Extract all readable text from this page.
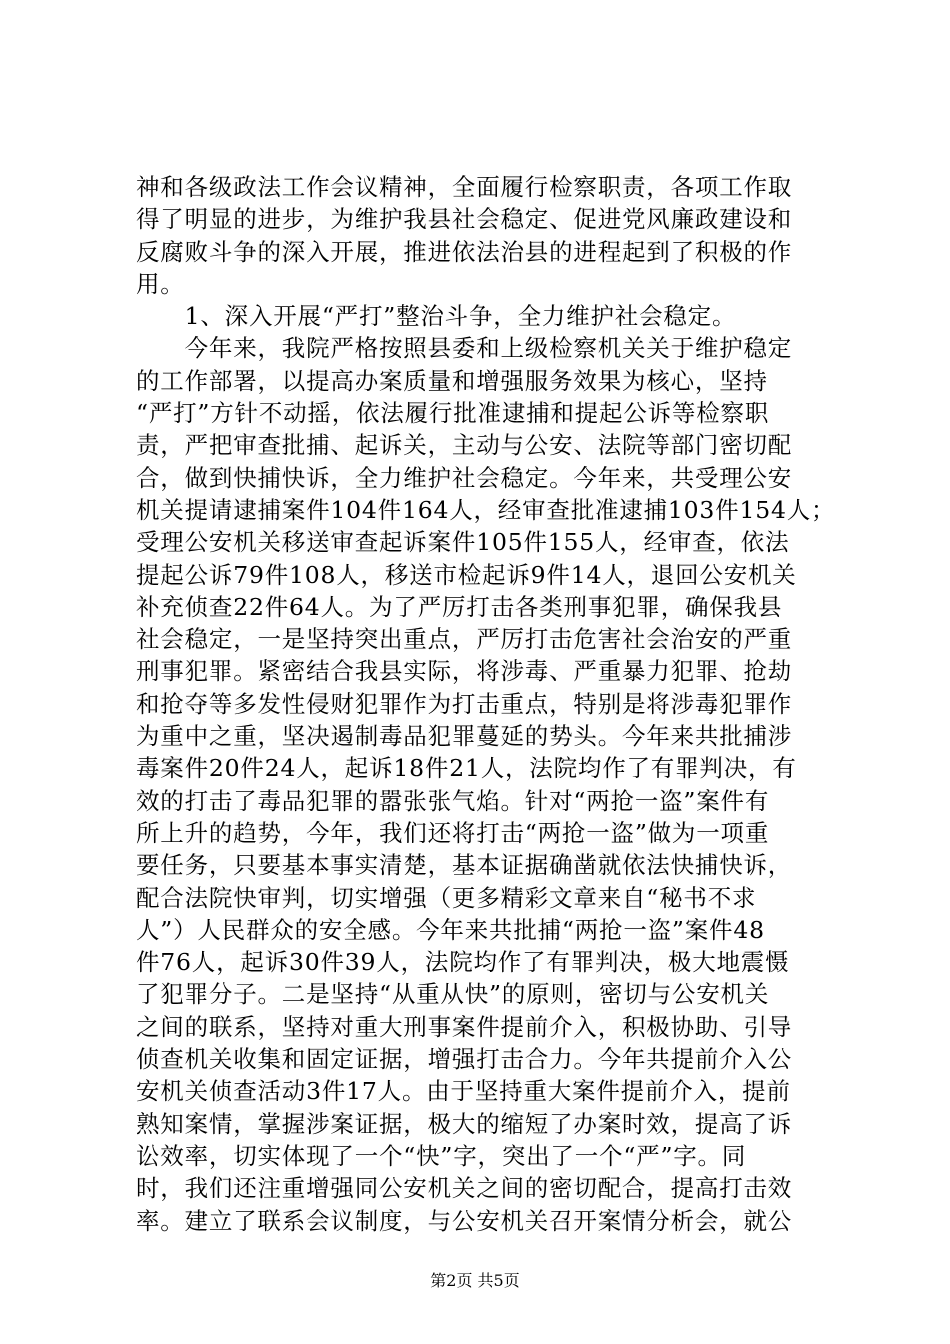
神和各级政法工作会议精神，全面履行检察职责，各项工作取
得了明显的进步，为维护我县社会稳定、促进党风廉政建设和
反腐败斗争的深入开展，推进依法治县的进程起到了积极的作
用。
　　1、深入开展“严打”整治斗争，全力维护社会稳定。
　　今年来，我院严格按照县委和上级检察机关关于维护稳定
的工作部署，以提高办案质量和增强服务效果为核心，坚持
“严打”方针不动摇，依法履行批准逮捕和提起公诉等检察职
责，严把审查批捕、起诉关，主动与公安、法院等部门密切配
合，做到快捕快诉，全力维护社会稳定。今年来，共受理公安
机关提请逮捕案件104件164人，经审查批准逮捕103件154人；
受理公安机关移送审查起诉案件105件155人，经审查，依法
提起公诉79件108人，移送市检起诉9件14人，退回公安机关
补充侦查22件64人。为了严厉打击各类刑事犯罪，确保我县
社会稳定，一是坚持突出重点，严厉打击危害社会治安的严重
刑事犯罪。紧密结合我县实际，将涉毒、严重暴力犯罪、抢劫
和抢夺等多发性侵财犯罪作为打击重点，特别是将涉毒犯罪作
为重中之重，坚决遏制毒品犯罪蔓延的势头。今年来共批捕涉
毒案件20件24人，起诉18件21人，法院均作了有罪判决，有
效的打击了毒品犯罪的嚣张张气焰。针对“两抢一盗”案件有
所上升的趋势，今年，我们还将打击“两抢一盗”做为一项重
要任务，只要基本事实清楚，基本证据确凿就依法快捕快诉，
配合法院快审判，切实增强（更多精彩文章来自“秘书不求
人”）人民群众的安全感。今年来共批捕“两抢一盗”案件48
件76人，起诉30件39人，法院均作了有罪判决，极大地震慑
了犯罪分子。二是坚持“从重从快”的原则，密切与公安机关
之间的联系，坚持对重大刑事案件提前介入，积极协助、引导
侦查机关收集和固定证据，增强打击合力。今年共提前介入公
安机关侦查活动3件17人。由于坚持重大案件提前介入，提前
熟知案情，掌握涉案证据，极大的缩短了办案时效，提高了诉
讼效率，切实体现了一个“快”字，突出了一个“严”字。同
时，我们还注重增强同公安机关之间的密切配合，提高打击效
率。建立了联系会议制度，与公安机关召开案情分析会，就公
第2页 共5页
